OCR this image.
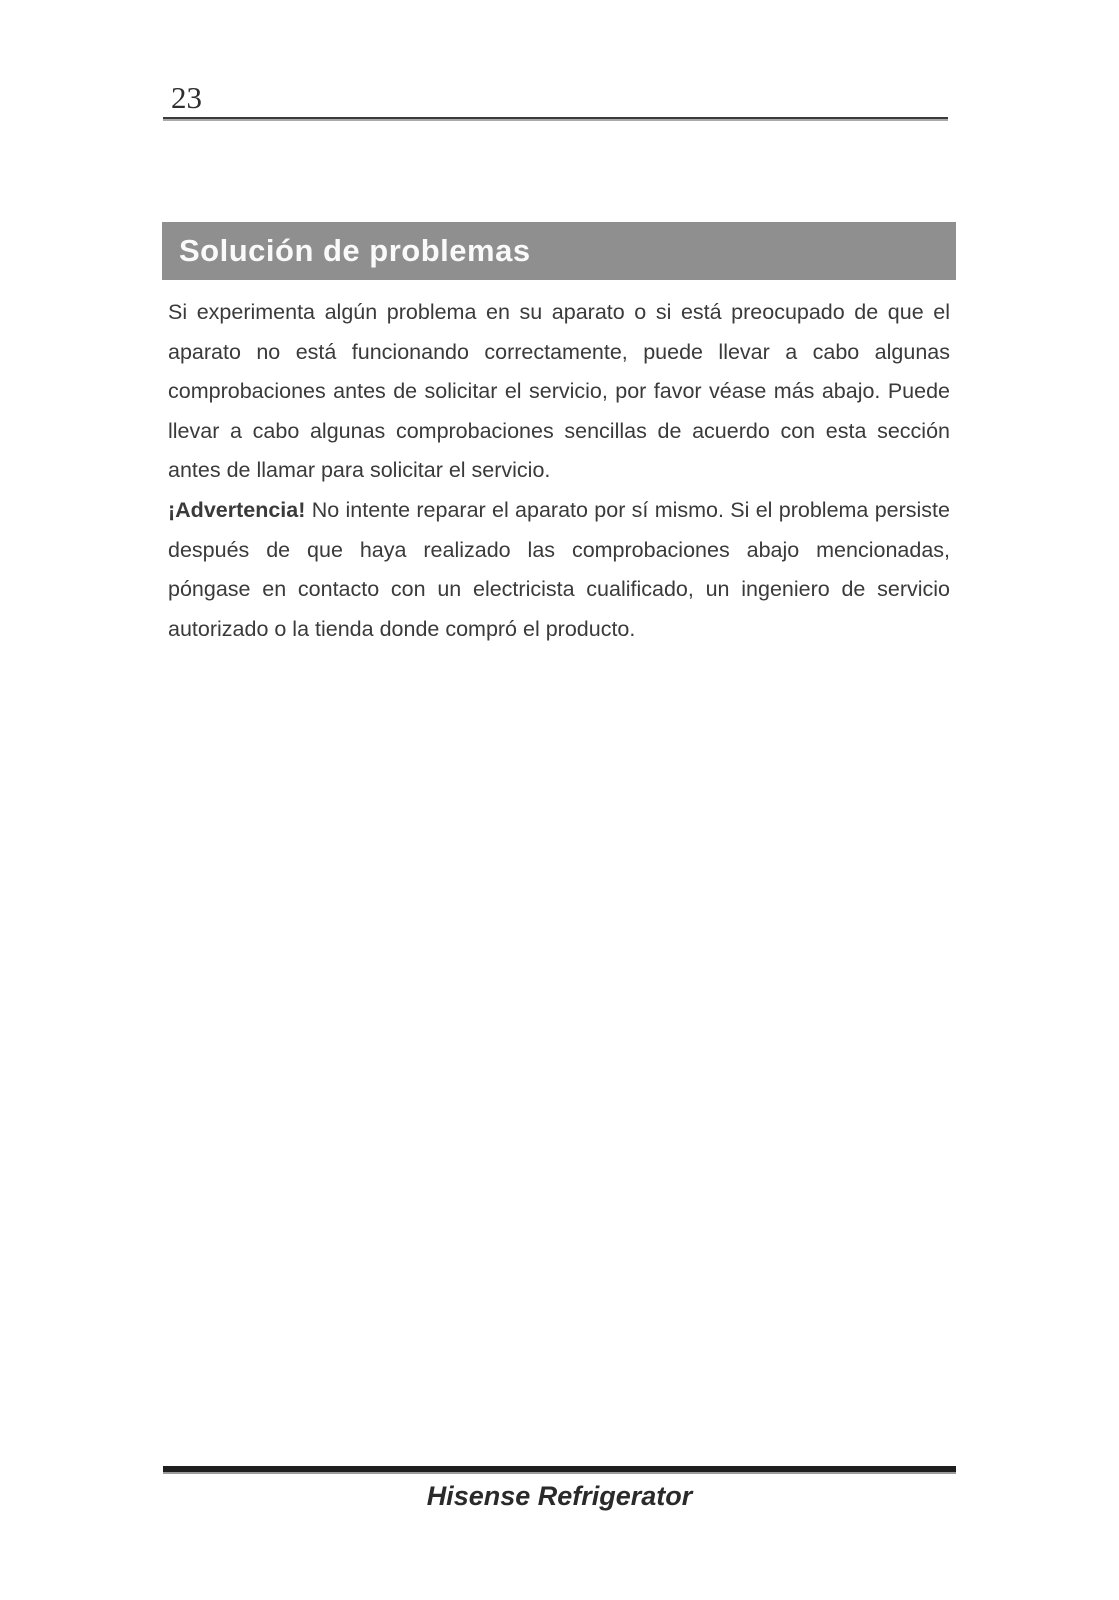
23
Solución de problemas

Si experimenta algún problema en su aparato o si está preocupado de que el aparato no está funcionando correctamente, puede llevar a cabo algunas comprobaciones antes de solicitar el servicio, por favor véase más abajo. Puede llevar a cabo algunas comprobaciones sencillas de acuerdo con esta sección antes de llamar para solicitar el servicio.

¡Advertencia! No intente reparar el aparato por sí mismo. Si el problema persiste después de que haya realizado las comprobaciones abajo mencionadas, póngase en contacto con un electricista cualificado, un ingeniero de servicio autorizado o la tienda donde compró el producto.

Hisense Refrigerator
